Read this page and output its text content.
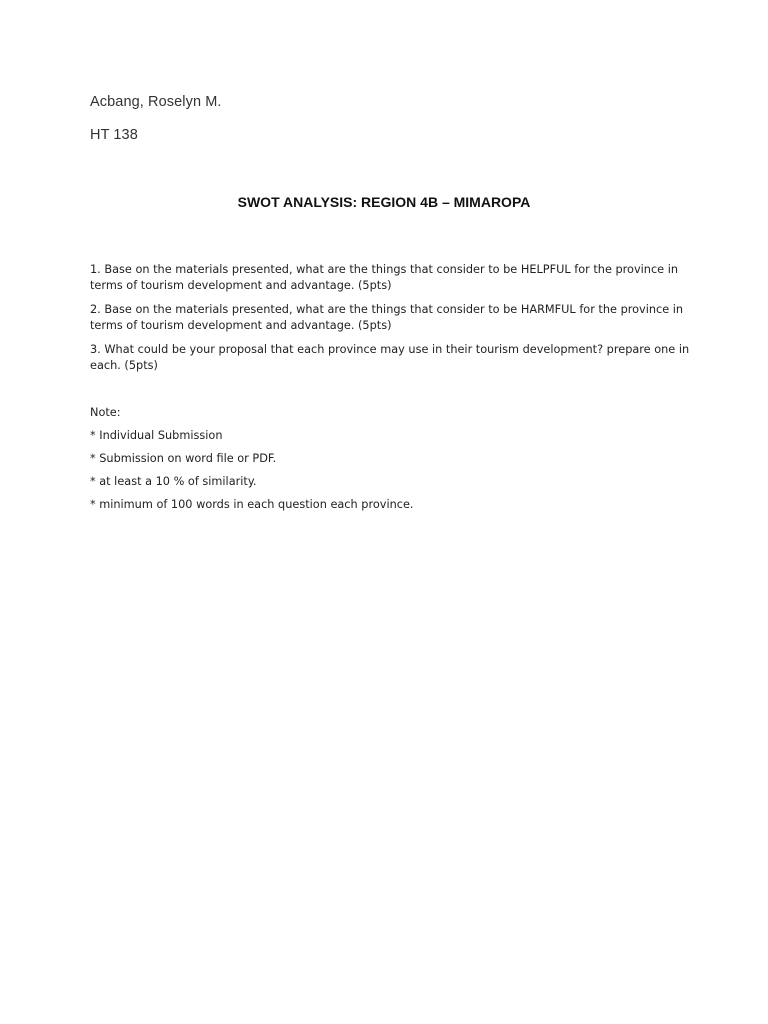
Acbang, Roselyn M.
HT 138
SWOT ANALYSIS: REGION 4B – MIMAROPA

1. Base on the materials presented, what are the things that consider to be HELPFUL for the province in terms of tourism development and advantage. (5pts)

2. Base on the materials presented, what are the things that consider to be HARMFUL for the province in terms of tourism development and advantage. (5pts)

3. What could be your proposal that each province may use in their tourism development? prepare one in each. (5pts)

Note:
* Individual Submission
* Submission on word file or PDF.
* at least a 10 % of similarity.
* minimum of 100 words in each question each province.
